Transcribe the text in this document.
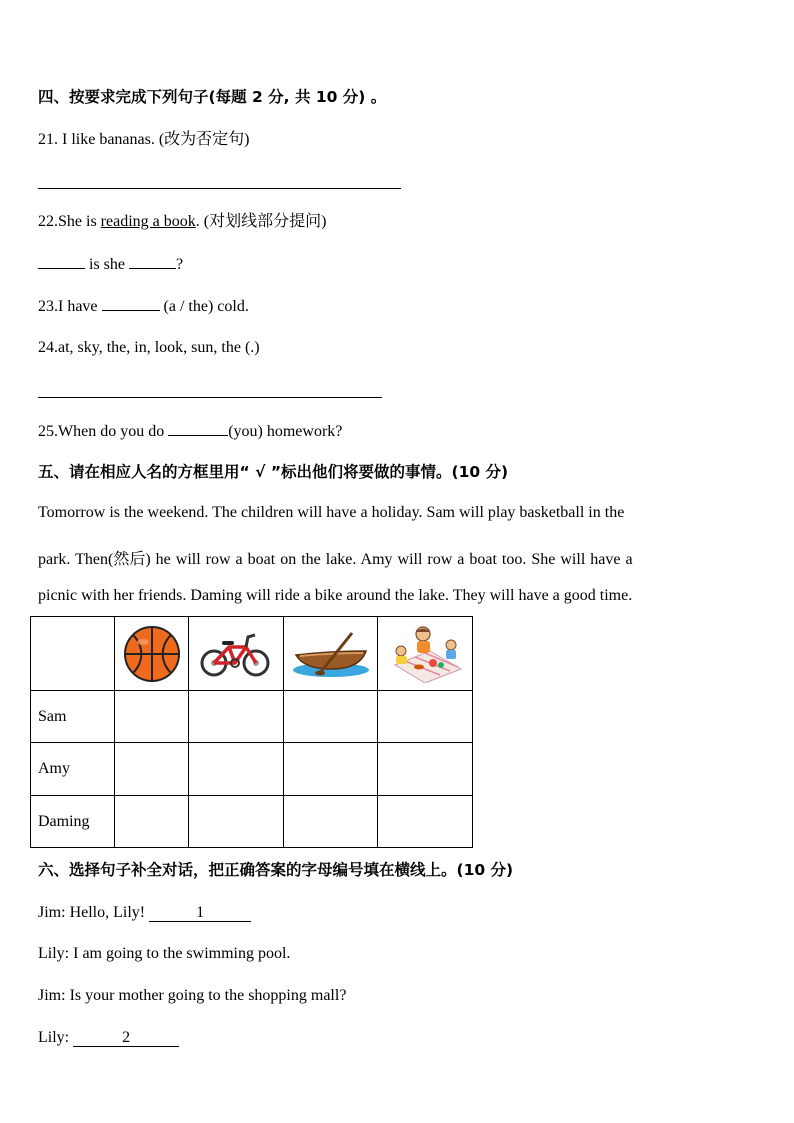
四、按要求完成下列句子(每题 2 分, 共 10 分) 。
21. I like bananas. (改为否定句)
22.She is reading a book. (对划线部分提问)
is she	?
23.I have	(a / the) cold.
24.at, sky, the, in, look, sun, the (.)
25.When do you do	(you) homework?
五、请在相应人名的方框里用“ √ ”标出他们将要做的事情。(10 分)
Tomorrow is the weekend. The children will have a holiday. Sam will play basketball in the
park. Then(然后) he will row a boat on the lake. Amy will row a boat too. She will have a
picnic with her friends. Daming will ride a bike around the lake. They will have a good time.

Sam				
Amy				
Daming				
六、选择句子补全对话，把正确答案的字母编号填在横线上。(10 分)
Jim: Hello, Lily!	1
Lily: I am going to the swimming pool.
Jim: Is your mother going to the shopping mall?
Lily:	2
